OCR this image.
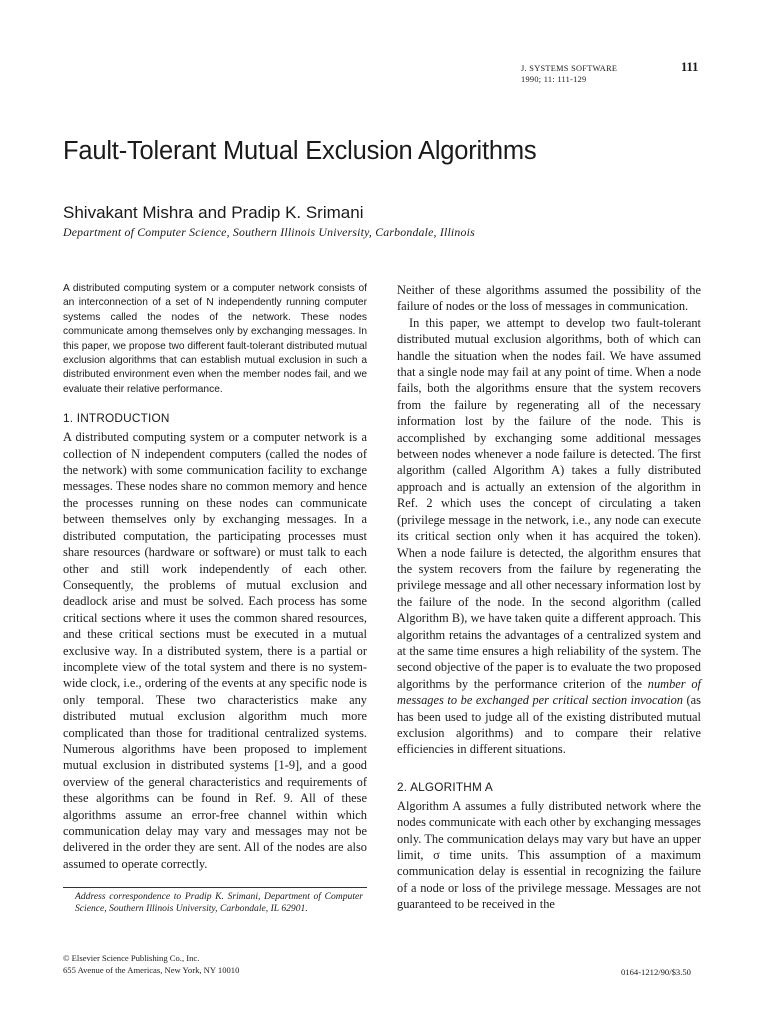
J. SYSTEMS SOFTWARE
1990; 11: 111-129
111
Fault-Tolerant Mutual Exclusion Algorithms
Shivakant Mishra and Pradip K. Srimani
Department of Computer Science, Southern Illinois University, Carbondale, Illinois

A distributed computing system or a computer network consists of an interconnection of a set of N independently running computer systems called the nodes of the network. These nodes communicate among themselves only by exchanging messages. In this paper, we propose two different fault-tolerant distributed mutual exclusion algorithms that can establish mutual exclusion in such a distributed environment even when the member nodes fail, and we evaluate their relative performance.

1. INTRODUCTION

A distributed computing system or a computer network is a collection of N independent computers (called the nodes of the network) with some communication facility to exchange messages. These nodes share no common memory and hence the processes running on these nodes can communicate between themselves only by exchanging messages. In a distributed computation, the participating processes must share resources (hardware or software) or must talk to each other and still work independently of each other. Consequently, the problems of mutual exclusion and deadlock arise and must be solved. Each process has some critical sections where it uses the common shared resources, and these critical sections must be executed in a mutual exclusive way. In a distributed system, there is a partial or incomplete view of the total system and there is no system-wide clock, i.e., ordering of the events at any specific node is only temporal. These two characteristics make any distributed mutual exclusion algorithm much more complicated than those for traditional centralized systems. Numerous algorithms have been proposed to implement mutual exclusion in distributed systems [1-9], and a good overview of the general characteristics and requirements of these algorithms can be found in Ref. 9. All of these algorithms assume an error-free channel within which communication delay may vary and messages may not be delivered in the order they are sent. All of the nodes are also assumed to operate correctly.

Neither of these algorithms assumed the possibility of the failure of nodes or the loss of messages in communication.

In this paper, we attempt to develop two fault-tolerant distributed mutual exclusion algorithms, both of which can handle the situation when the nodes fail. We have assumed that a single node may fail at any point of time. When a node fails, both the algorithms ensure that the system recovers from the failure by regenerating all of the necessary information lost by the failure of the node. This is accomplished by exchanging some additional messages between nodes whenever a node failure is detected. The first algorithm (called Algorithm A) takes a fully distributed approach and is actually an extension of the algorithm in Ref. 2 which uses the concept of circulating a taken (privilege message in the network, i.e., any node can execute its critical section only when it has acquired the token). When a node failure is detected, the algorithm ensures that the system recovers from the failure by regenerating the privilege message and all other necessary information lost by the failure of the node. In the second algorithm (called Algorithm B), we have taken quite a different approach. This algorithm retains the advantages of a centralized system and at the same time ensures a high reliability of the system. The second objective of the paper is to evaluate the two proposed algorithms by the performance criterion of the number of messages to be exchanged per critical section invocation (as has been used to judge all of the existing distributed mutual exclusion algorithms) and to compare their relative efficiencies in different situations.

2. ALGORITHM A

Algorithm A assumes a fully distributed network where the nodes communicate with each other by exchanging messages only. The communication delays may vary but have an upper limit, σ time units. This assumption of a maximum communication delay is essential in recognizing the failure of a node or loss of the privilege message. Messages are not guaranteed to be received in the

Address correspondence to Pradip K. Srimani, Department of Computer Science, Southern Illinois University, Carbondale, IL 62901.
© Elsevier Science Publishing Co., Inc.
655 Avenue of the Americas, New York, NY 10010	0164-1212/90/$3.50
